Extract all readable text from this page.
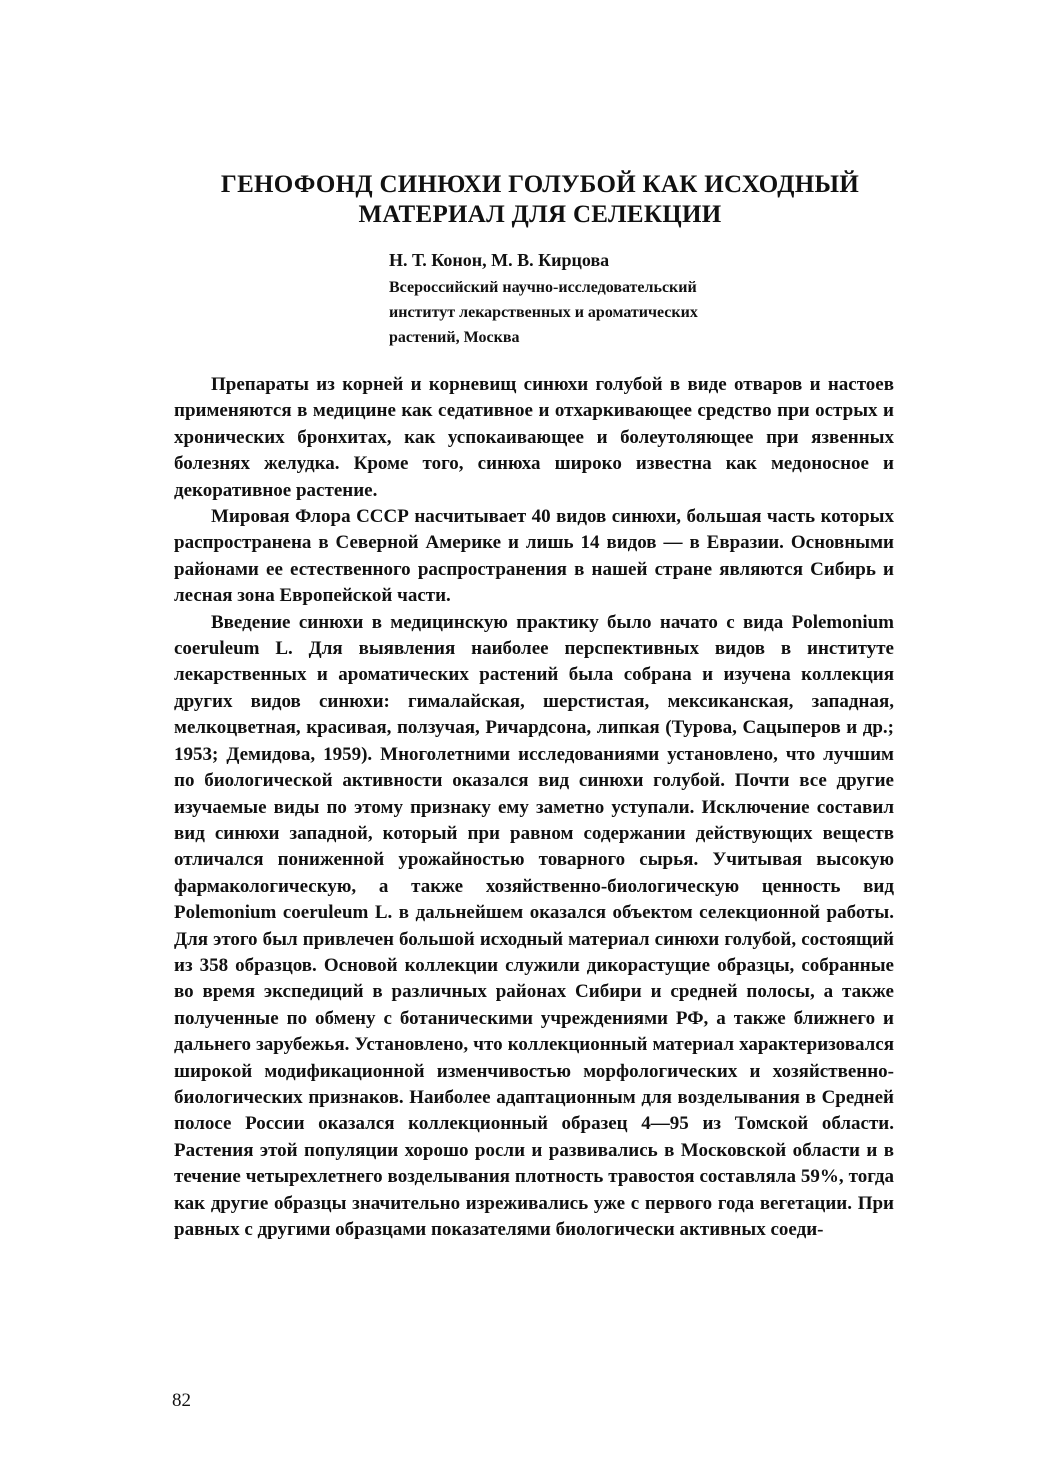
ГЕНОФОНД СИНЮХИ ГОЛУБОЙ КАК ИСХОДНЫЙ
МАТЕРИАЛ ДЛЯ СЕЛЕКЦИИ
Н. Т. Конон, М. В. Кирцова
Всероссийский научно-исследовательский
институт лекарственных и ароматических
растений, Москва

Препараты из корней и корневищ синюхи голубой в виде отваров и настоев применяются в медицине как седативное и отхаркивающее средство при острых и хронических бронхитах, как успокаивающее и болеутоляющее при язвенных болезнях желудка. Кроме того, синюха широко известна как медоносное и декоративное растение.

Мировая Флора СССР насчитывает 40 видов синюхи, большая часть которых распространена в Северной Америке и лишь 14 видов — в Евразии. Основными районами ее естественного распространения в нашей стране являются Сибирь и лесная зона Европейской части.

Введение синюхи в медицинскую практику было начато с вида Polemonium coeruleum L. Для выявления наиболее перспективных видов в институте лекарственных и ароматических растений была собрана и изучена коллекция других видов синюхи: гималайская, шерстистая, мексиканская, западная, мелкоцветная, красивая, ползучая, Ричардсона, липкая (Турова, Сацыперов и др.; 1953; Демидова, 1959). Многолетними исследованиями установлено, что лучшим по биологической активности оказался вид синюхи голубой. Почти все другие изучаемые виды по этому признаку ему заметно уступали. Исключение составил вид синюхи западной, который при равном содержании действующих веществ отличался пониженной урожайностью товарного сырья. Учитывая высокую фармакологическую, а также хозяйственно-биологическую ценность вид Polemonium coeruleum L. в дальнейшем оказался объектом селекционной работы. Для этого был привлечен большой исходный материал синюхи голубой, состоящий из 358 образцов. Основой коллекции служили дикорастущие образцы, собранные во время экспедиций в различных районах Сибири и средней полосы, а также полученные по обмену с ботаническими учреждениями РФ, а также ближнего и дальнего зарубежья. Установлено, что коллекционный материал характеризовался широкой модификационной изменчивостью морфологических и хозяйственно-биологических признаков. Наиболее адаптационным для возделывания в Средней полосе России оказался коллекционный образец 4—95 из Томской области. Растения этой популяции хорошо росли и развивались в Московской области и в течение четырехлетнего возделывания плотность травостоя составляла 59%, тогда как другие образцы значительно изреживались уже с первого года вегетации. При равных с другими образцами показателями биологически активных соеди-

82
